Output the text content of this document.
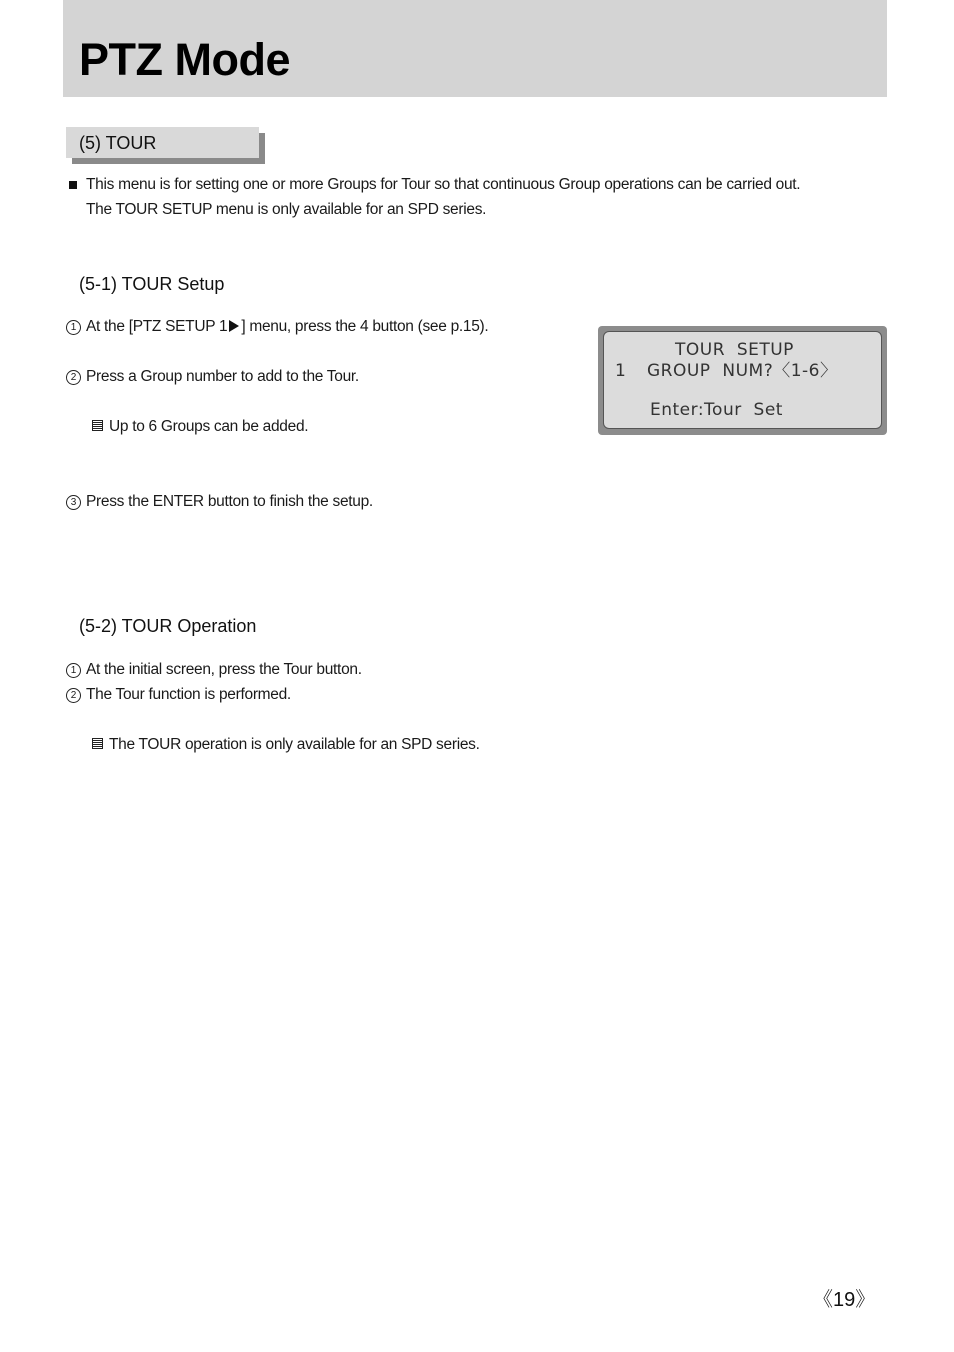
PTZ Mode
(5) TOUR
This menu is for setting one or more Groups for Tour so that continuous Group operations can be carried out.
The TOUR SETUP menu is only available for an SPD series.
(5-1) TOUR Setup
1 At the [PTZ SETUP 1 ] menu, press the 4 button (see p.15).
2 Press a Group number to add to the Tour.
Up to 6 Groups can be added.
3 Press the ENTER button to finish the setup.
TOUR  SETUP
1 GROUP  NUM?〈1-6〉
Enter:Tour  Set
(5-2) TOUR Operation
1 At the initial screen, press the Tour button.
2 The Tour function is performed.
The TOUR operation is only available for an SPD series.
《19》
